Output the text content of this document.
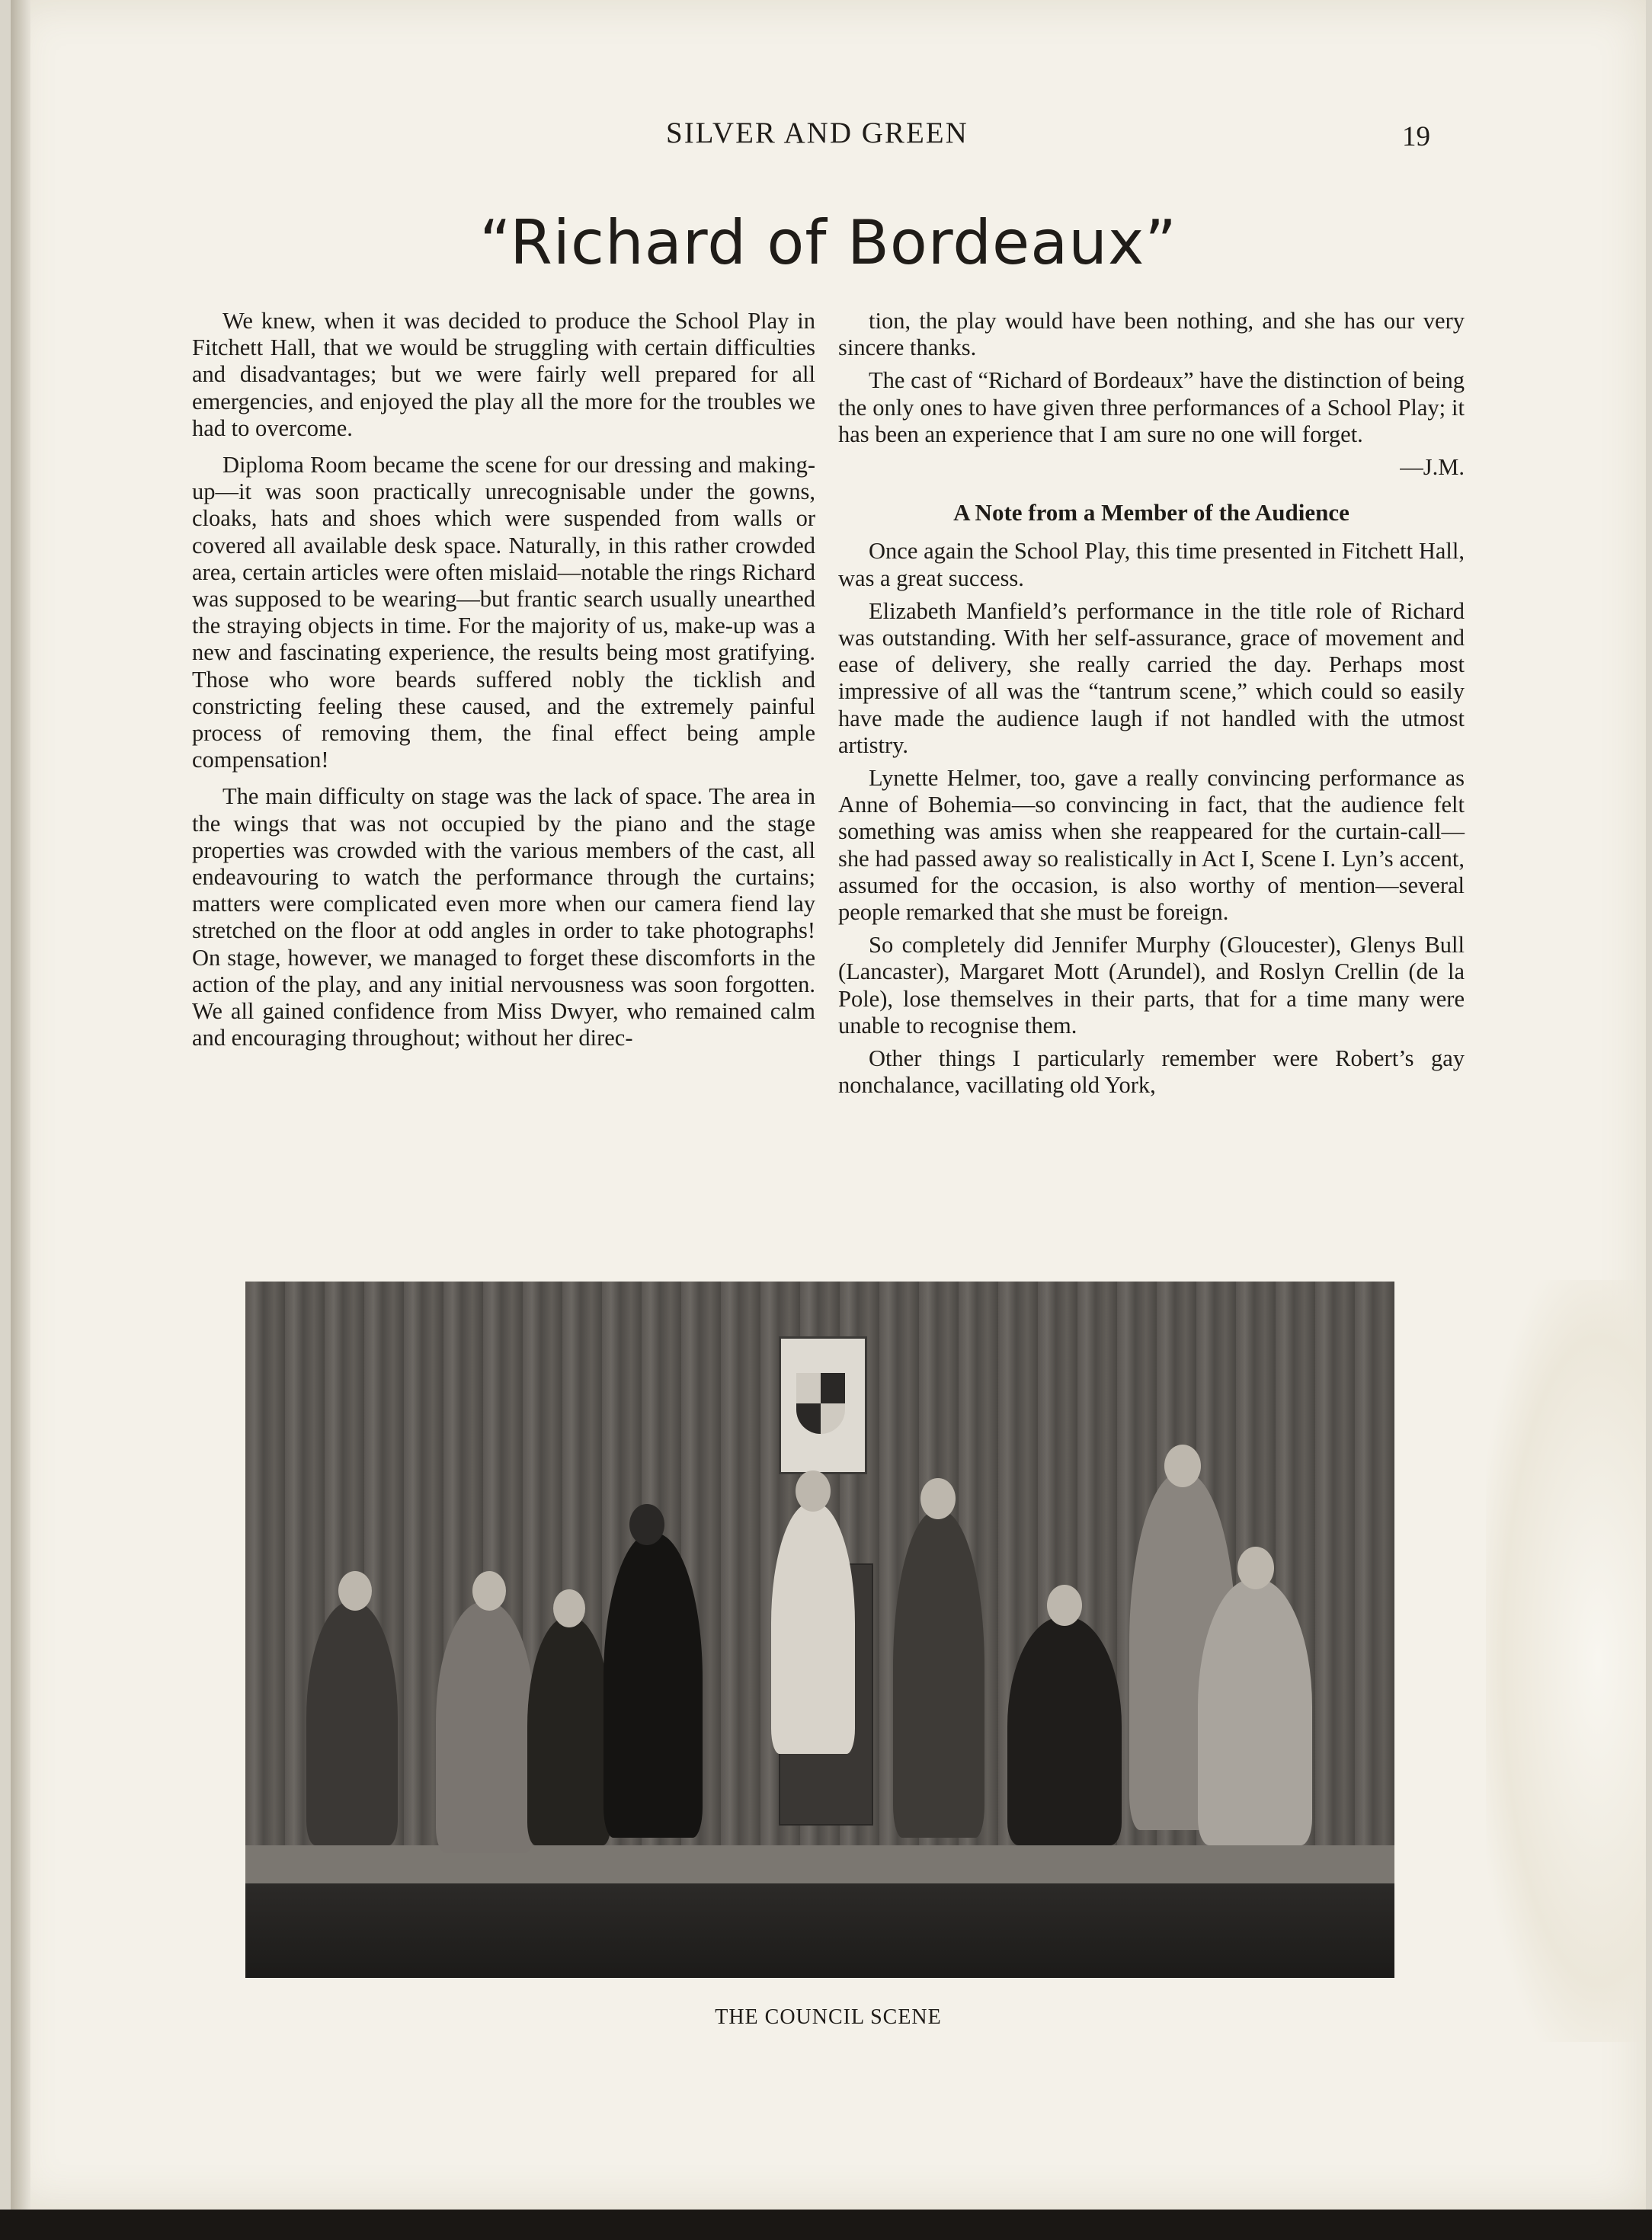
SILVER AND GREEN	19
“Richard of Bordeaux”

We knew, when it was decided to produce the School Play in Fitchett Hall, that we would be struggling with certain difficulties and disadvantages; but we were fairly well prepared for all emergencies, and enjoyed the play all the more for the troubles we had to overcome.

Diploma Room became the scene for our dressing and making-up—it was soon practically unrecognisable under the gowns, cloaks, hats and shoes which were suspended from walls or covered all available desk space. Naturally, in this rather crowded area, certain articles were often mislaid—notable the rings Richard was supposed to be wearing—but frantic search usually unearthed the straying objects in time. For the majority of us, make-up was a new and fascinating experience, the results being most gratifying. Those who wore beards suffered nobly the ticklish and constricting feeling these caused, and the extremely painful process of removing them, the final effect being ample compensation!

The main difficulty on stage was the lack of space. The area in the wings that was not occupied by the piano and the stage properties was crowded with the various members of the cast, all endeavouring to watch the performance through the curtains; matters were complicated even more when our camera fiend lay stretched on the floor at odd angles in order to take photographs! On stage, however, we managed to forget these discomforts in the action of the play, and any initial nervousness was soon forgotten. We all gained confidence from Miss Dwyer, who remained calm and encouraging throughout; without her direc-

tion, the play would have been nothing, and she has our very sincere thanks.

The cast of “Richard of Bordeaux” have the distinction of being the only ones to have given three performances of a School Play; it has been an experience that I am sure no one will forget.

—J.M.
A Note from a Member of the Audience

Once again the School Play, this time presented in Fitchett Hall, was a great success.

Elizabeth Manfield’s performance in the title role of Richard was outstanding. With her self-assurance, grace of movement and ease of delivery, she really carried the day. Perhaps most impressive of all was the “tantrum scene,” which could so easily have made the audience laugh if not handled with the utmost artistry.

Lynette Helmer, too, gave a really convincing performance as Anne of Bohemia—so convincing in fact, that the audience felt something was amiss when she reappeared for the curtain-call—she had passed away so realistically in Act I, Scene I. Lyn’s accent, assumed for the occasion, is also worthy of mention—several people remarked that she must be foreign.

So completely did Jennifer Murphy (Gloucester), Glenys Bull (Lancaster), Margaret Mott (Arundel), and Roslyn Crellin (de la Pole), lose themselves in their parts, that for a time many were unable to recognise them.

Other things I particularly remember were Robert’s gay nonchalance, vacillating old York,

THE COUNCIL SCENE
